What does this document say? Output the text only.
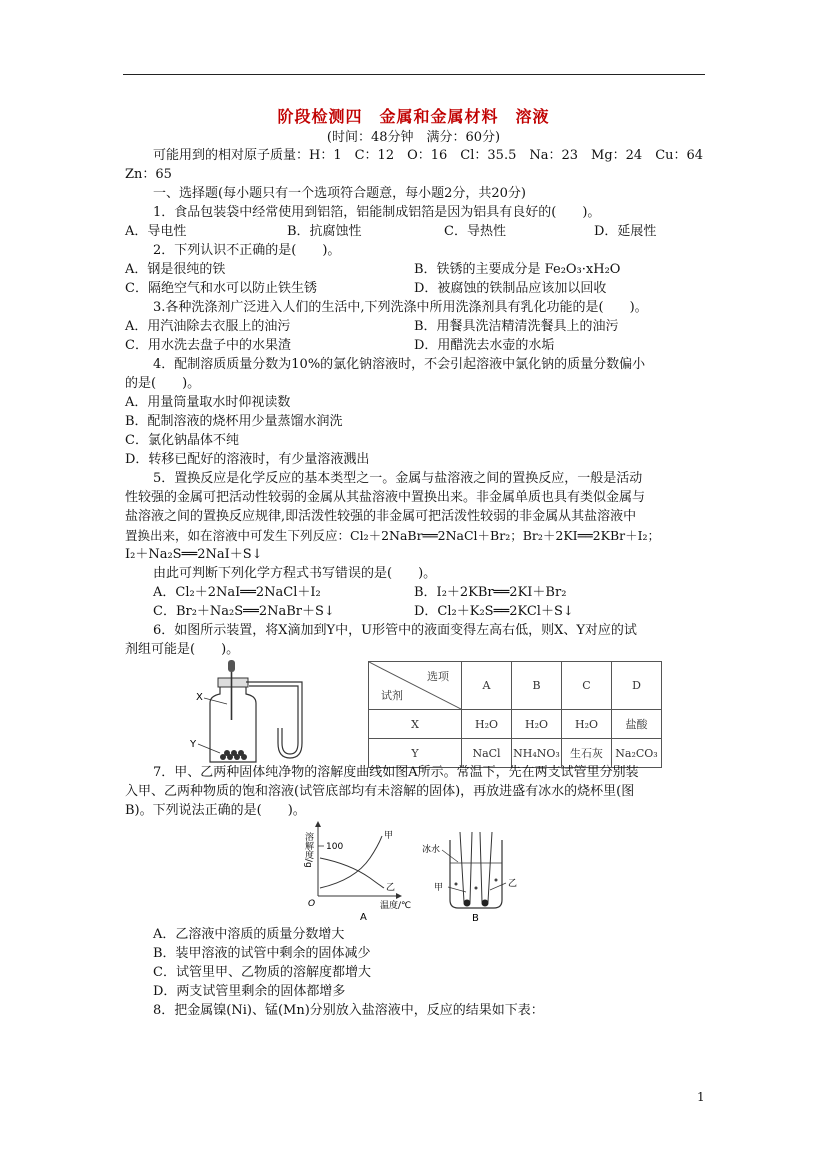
阶段检测四　金属和金属材料　溶液
(时间：48分钟　满分：60分)
可能用到的相对原子质量：H：1　C：12　O：16　Cl：35.5　Na：23　Mg：24　Cu：64
Zn：65
一、选择题(每小题只有一个选项符合题意，每小题2分，共20分)
1．食品包装袋中经常使用到铝箔，铝能制成铝箔是因为铝具有良好的(　　)。
A．导电性	B．抗腐蚀性	C．导热性	D．延展性
2．下列认识不正确的是(　　)。
A．钢是很纯的铁	B．铁锈的主要成分是 Fe₂O₃·xH₂O
C．隔绝空气和水可以防止铁生锈	D．被腐蚀的铁制品应该加以回收
3.各种洗涤剂广泛进入人们的生活中,下列洗涤中所用洗涤剂具有乳化功能的是(　　)。
A．用汽油除去衣服上的油污	B．用餐具洗洁精清洗餐具上的油污
C．用水洗去盘子中的水果渣	D．用醋洗去水壶的水垢
4．配制溶质质量分数为10%的氯化钠溶液时，不会引起溶液中氯化钠的质量分数偏小
的是(　　)。
A．用量筒量取水时仰视读数
B．配制溶液的烧杯用少量蒸馏水润洗
C．氯化钠晶体不纯
D．转移已配好的溶液时，有少量溶液溅出
5．置换反应是化学反应的基本类型之一。金属与盐溶液之间的置换反应，一般是活动
性较强的金属可把活动性较弱的金属从其盐溶液中置换出来。非金属单质也具有类似金属与
盐溶液之间的置换反应规律,即活泼性较强的非金属可把活泼性较弱的非金属从其盐溶液中
置换出来，如在溶液中可发生下列反应：Cl₂＋2NaBr══2NaCl＋Br₂；Br₂＋2KI══2KBr＋I₂；
I₂＋Na₂S══2NaI＋S↓
由此可判断下列化学方程式书写错误的是(　　)。
A．Cl₂＋2NaI══2NaCl＋I₂	B．I₂＋2KBr══2KI＋Br₂
C．Br₂＋Na₂S══2NaBr＋S↓	D．Cl₂＋K₂S══2KCl＋S↓
6．如图所示装置，将X滴加到Y中，U形管中的液面变得左高右低，则X、Y对应的试
剂组可能是(　　)。
X
Y
选项
试剂	A	B	C	D
X	H₂O	H₂O	H₂O	盐酸
Y	NaCl	NH₄NO₃	生石灰	Na₂CO₃
7．甲、乙两种固体纯净物的溶解度曲线如图A所示。常温下，先在两支试管里分别装
入甲、乙两种物质的饱和溶液(试管底部均有未溶解的固体)，再放进盛有冰水的烧杯里(图
B)。下列说法正确的是(　　)。
溶解度/g 100
O	温度/℃
甲
乙
A
冰水
甲	乙
B
A．乙溶液中溶质的质量分数增大
B．装甲溶液的试管中剩余的固体减少
C．试管里甲、乙物质的溶解度都增大
D．两支试管里剩余的固体都增多
8．把金属镍(Ni)、锰(Mn)分别放入盐溶液中，反应的结果如下表：
1
